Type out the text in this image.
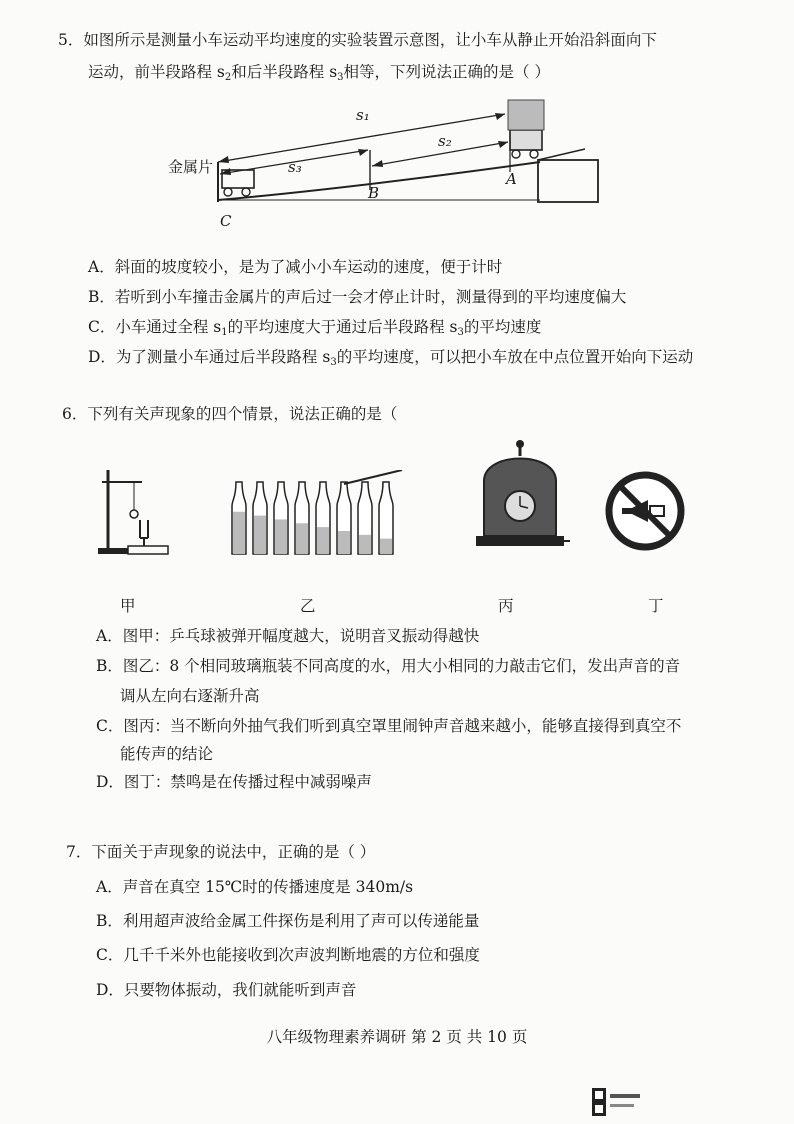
5．如图所示是测量小车运动平均速度的实验装置示意图，让小车从静止开始沿斜面向下
运动，前半段路程 $s_2$和后半段路程 $s_3$相等，下列说法正确的是（ ）
金属片
s₁
s₂
s₃
A
B
C
A．斜面的坡度较小，是为了减小小车运动的速度，便于计时
B．若听到小车撞击金属片的声后过一会才停止计时，测量得到的平均速度偏大
C．小车通过全程 $s_1$的平均速度大于通过后半段路程 $s_3$的平均速度
D．为了测量小车通过后半段路程 $s_3$的平均速度，可以把小车放在中点位置开始向下运动
6．下列有关声现象的四个情景，说法正确的是（
甲	乙	丙	丁
A．图甲：乒乓球被弹开幅度越大，说明音叉振动得越快
B．图乙：8 个相同玻璃瓶装不同高度的水，用大小相同的力敲击它们，发出声音的音
调从左向右逐渐升高
C．图丙：当不断向外抽气我们听到真空罩里闹钟声音越来越小，能够直接得到真空不
能传声的结论
D．图丁：禁鸣是在传播过程中减弱噪声
7．下面关于声现象的说法中，正确的是（ ）
A．声音在真空 15℃时的传播速度是 340m/s
B．利用超声波给金属工件探伤是利用了声可以传递能量
C．几千千米外也能接收到次声波判断地震的方位和强度
D．只要物体振动，我们就能听到声音
八年级物理素养调研 第 2 页 共 10 页
